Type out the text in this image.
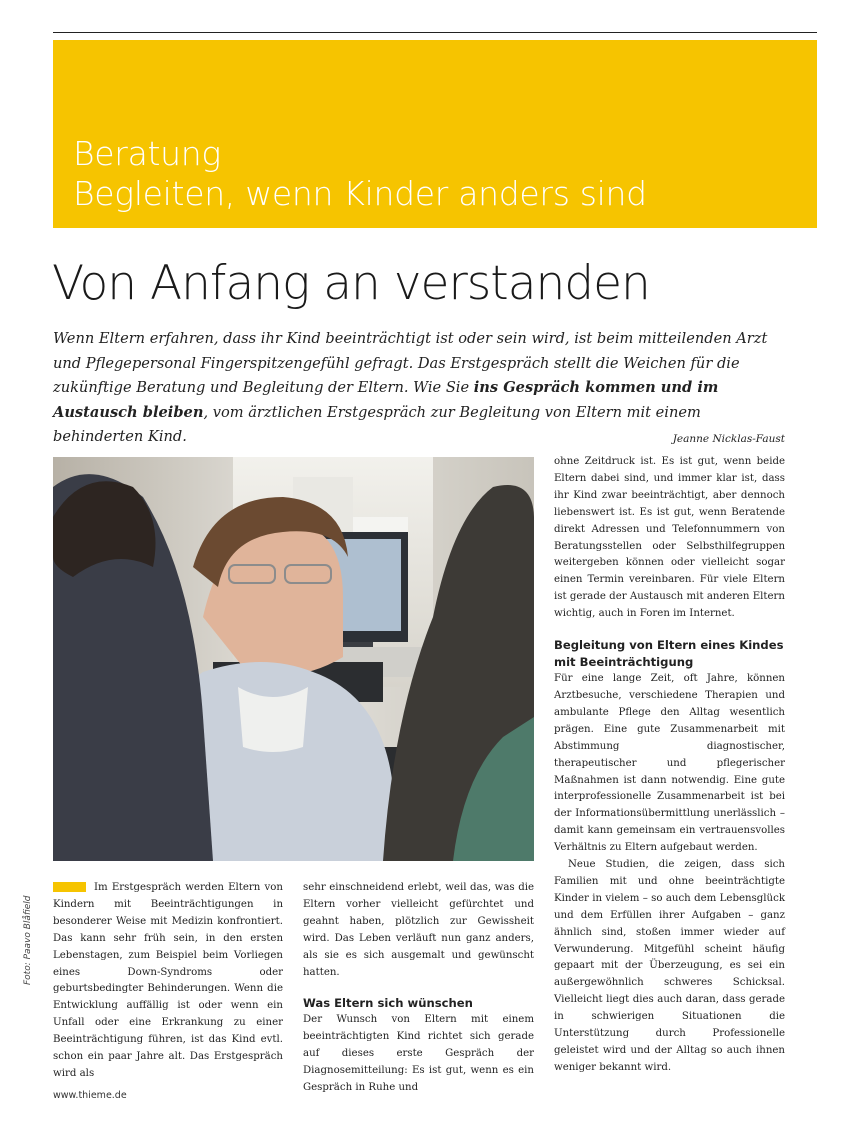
Beratung
Begleiten, wenn Kinder anders sind
Von Anfang an verstanden
Wenn Eltern erfahren, dass ihr Kind beeinträchtigt ist oder sein wird, ist beim mitteilenden Arzt und Pflegepersonal Fingerspitzengefühl gefragt. Das Erstgespräch stellt die Weichen für die zukünftige Beratung und Begleitung der Eltern. Wie Sie ins Gespräch kommen und im Austausch bleiben, vom ärztlichen Erstgespräch zur Begleitung von Eltern mit einem behinderten Kind.	Jeanne Nicklas-Faust
Foto: Paavo Blåfield

Im Erstgespräch werden Eltern von Kindern mit Beeinträchtigungen in besonderer Weise mit Medizin konfrontiert. Das kann sehr früh sein, in den ersten Lebenstagen, zum Beispiel beim Vorliegen eines Down-Syndroms oder geburtsbedingter Behinderungen. Wenn die Entwicklung auffällig ist oder wenn ein Unfall oder eine Erkrankung zu einer Beeinträchtigung führen, ist das Kind evtl. schon ein paar Jahre alt. Das Erstgespräch wird als

sehr einschneidend erlebt, weil das, was die Eltern vorher vielleicht gefürchtet und geahnt haben, plötzlich zur Gewissheit wird. Das Leben verläuft nun ganz anders, als sie es sich ausgemalt und gewünscht hatten.

Was Eltern sich wünschen

Der Wunsch von Eltern mit einem beeinträchtigten Kind richtet sich gerade auf dieses erste Gespräch der Diagnosemitteilung: Es ist gut, wenn es ein Gespräch in Ruhe und

ohne Zeitdruck ist. Es ist gut, wenn beide Eltern dabei sind, und immer klar ist, dass ihr Kind zwar beeinträchtigt, aber dennoch liebenswert ist. Es ist gut, wenn Beratende direkt Adressen und Telefonnummern von Beratungsstellen oder Selbsthilfegruppen weitergeben können oder vielleicht sogar einen Termin vereinbaren. Für viele Eltern ist gerade der Austausch mit anderen Eltern wichtig, auch in Foren im Internet.

Begleitung von Eltern eines Kindes mit Beeinträchtigung

Für eine lange Zeit, oft Jahre, können Arztbesuche, verschiedene Therapien und ambulante Pflege den Alltag wesentlich prägen. Eine gute Zusammenarbeit mit Abstimmung diagnostischer, therapeutischer und pflegerischer Maßnahmen ist dann notwendig. Eine gute interprofessionelle Zusammenarbeit ist bei der Informationsübermittlung unerlässlich – damit kann gemeinsam ein vertrauensvolles Verhältnis zu Eltern aufgebaut werden.

Neue Studien, die zeigen, dass sich Familien mit und ohne beeinträchtigte Kinder in vielem – so auch dem Lebensglück und dem Erfüllen ihrer Aufgaben – ganz ähnlich sind, stoßen immer wieder auf Verwunderung. Mitgefühl scheint häufig gepaart mit der Überzeugung, es sei ein außergewöhnlich schweres Schicksal. Vielleicht liegt dies auch daran, dass gerade in schwierigen Situationen die Unterstützung durch Professionelle geleistet wird und der Alltag so auch ihnen weniger bekannt wird.

www.thieme.de
